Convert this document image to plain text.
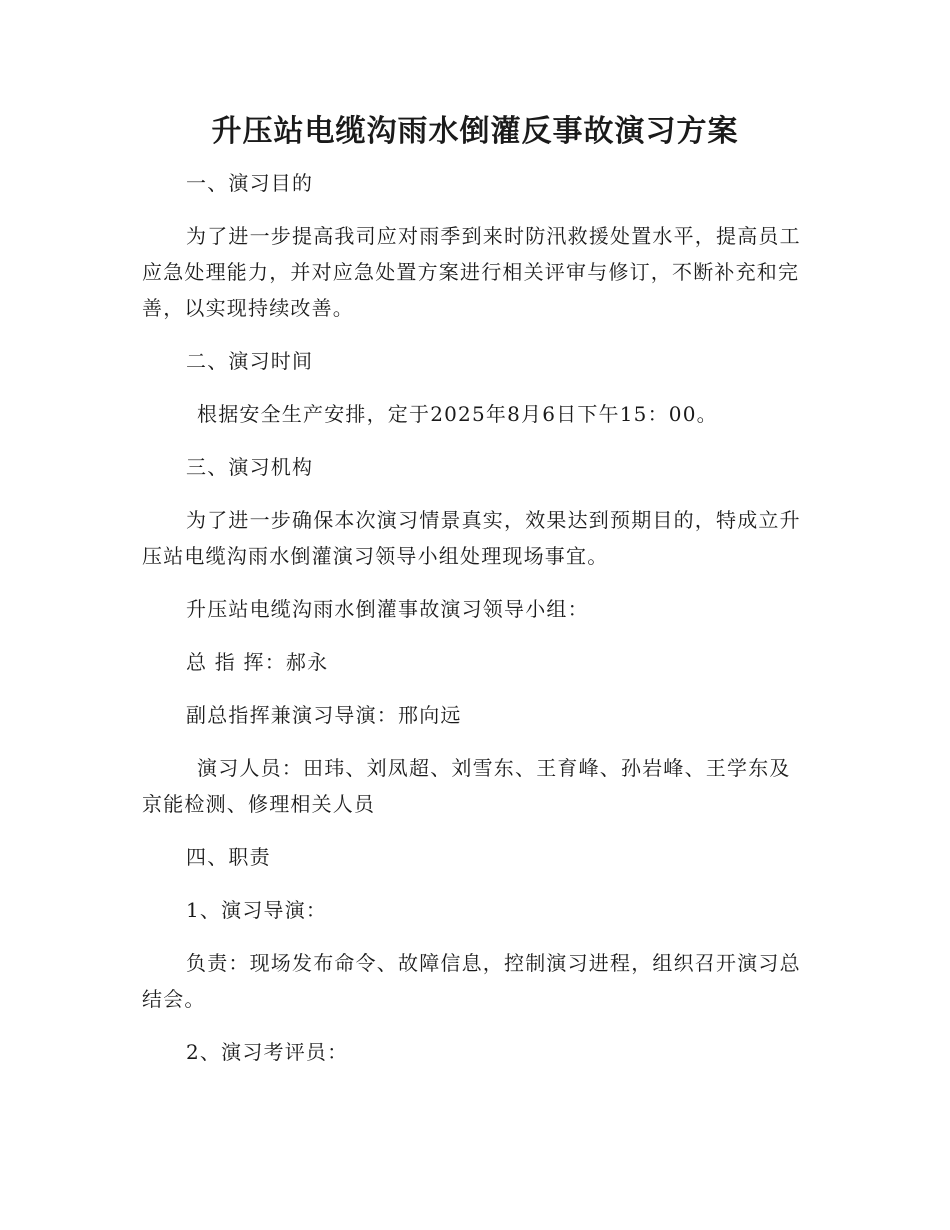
升压站电缆沟雨水倒灌反事故演习方案
一、演习目的
为了进一步提高我司应对雨季到来时防汛救援处置水平，提高员工应急处理能力，并对应急处置方案进行相关评审与修订，不断补充和完善，以实现持续改善。
二、演习时间
根据安全生产安排，定于2025年8月6日下午15：00。
三、演习机构
为了进一步确保本次演习情景真实，效果达到预期目的，特成立升压站电缆沟雨水倒灌演习领导小组处理现场事宜。
升压站电缆沟雨水倒灌事故演习领导小组：
总 指 挥：郝永
副总指挥兼演习导演：邢向远
演习人员：田玮、刘凤超、刘雪东、王育峰、孙岩峰、王学东及京能检测、修理相关人员
四、职责
1、演习导演：
负责：现场发布命令、故障信息，控制演习进程，组织召开演习总结会。
2、演习考评员：
